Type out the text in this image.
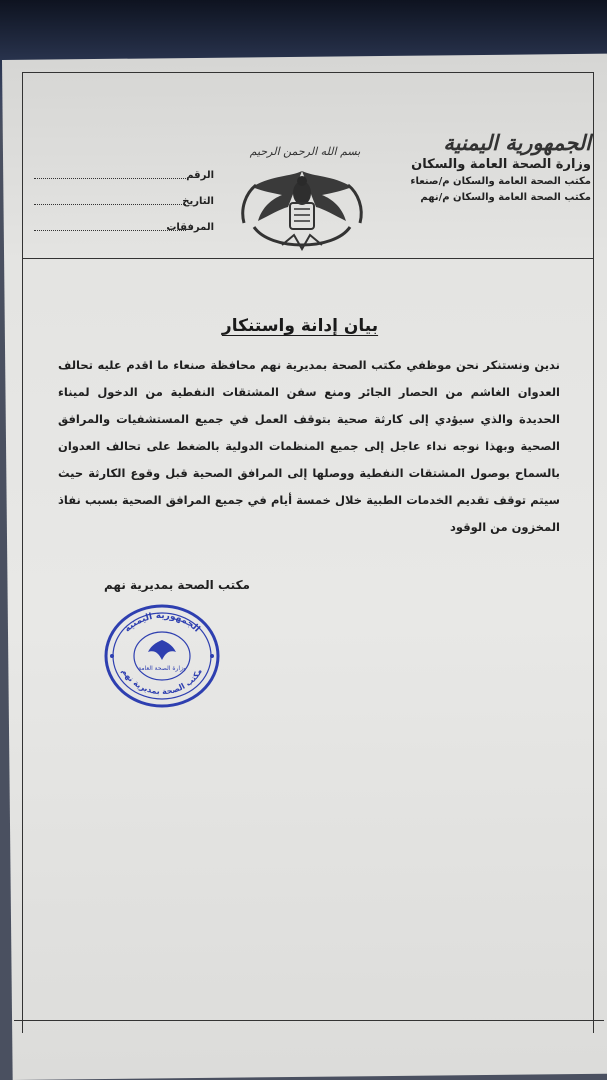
الجمهورية اليمنية
وزارة الصحة العامة والسكان
مكتب الصحة العامة والسكان م/صنعاء
مكتب الصحة العامة والسكان م/نهم
بسم الله الرحمن الرحيم
الرقم
التاريخ
المرفقات
بيان إدانة واستنكار
ندين ونستنكر نحن موظفي مكتب الصحة بمديرية نهم محافظة صنعاء ما اقدم عليه تحالف العدوان الغاشم من الحصار الجائر ومنع سفن المشتقات النفطية من الدخول لميناء الحديدة والذي سيؤدي إلى كارثة صحية بتوقف العمل في جميع المستشفيات والمرافق الصحية وبهذا نوجه نداء عاجل إلى جميع المنظمات الدولية بالضغط على تحالف العدوان بالسماح بوصول المشتقات النفطية ووصلها إلى المرافق الصحية قبل وقوع الكارثة حيث سيتم توقف تقديم الخدمات الطبية خلال خمسة أيام في جميع المرافق الصحية بسبب نفاذ المخزون من الوقود
مكتب الصحة بمديرية نهم
الجمهورية اليمنية
مكتب الصحة بمديرية نهم
وزارة الصحة العامة
